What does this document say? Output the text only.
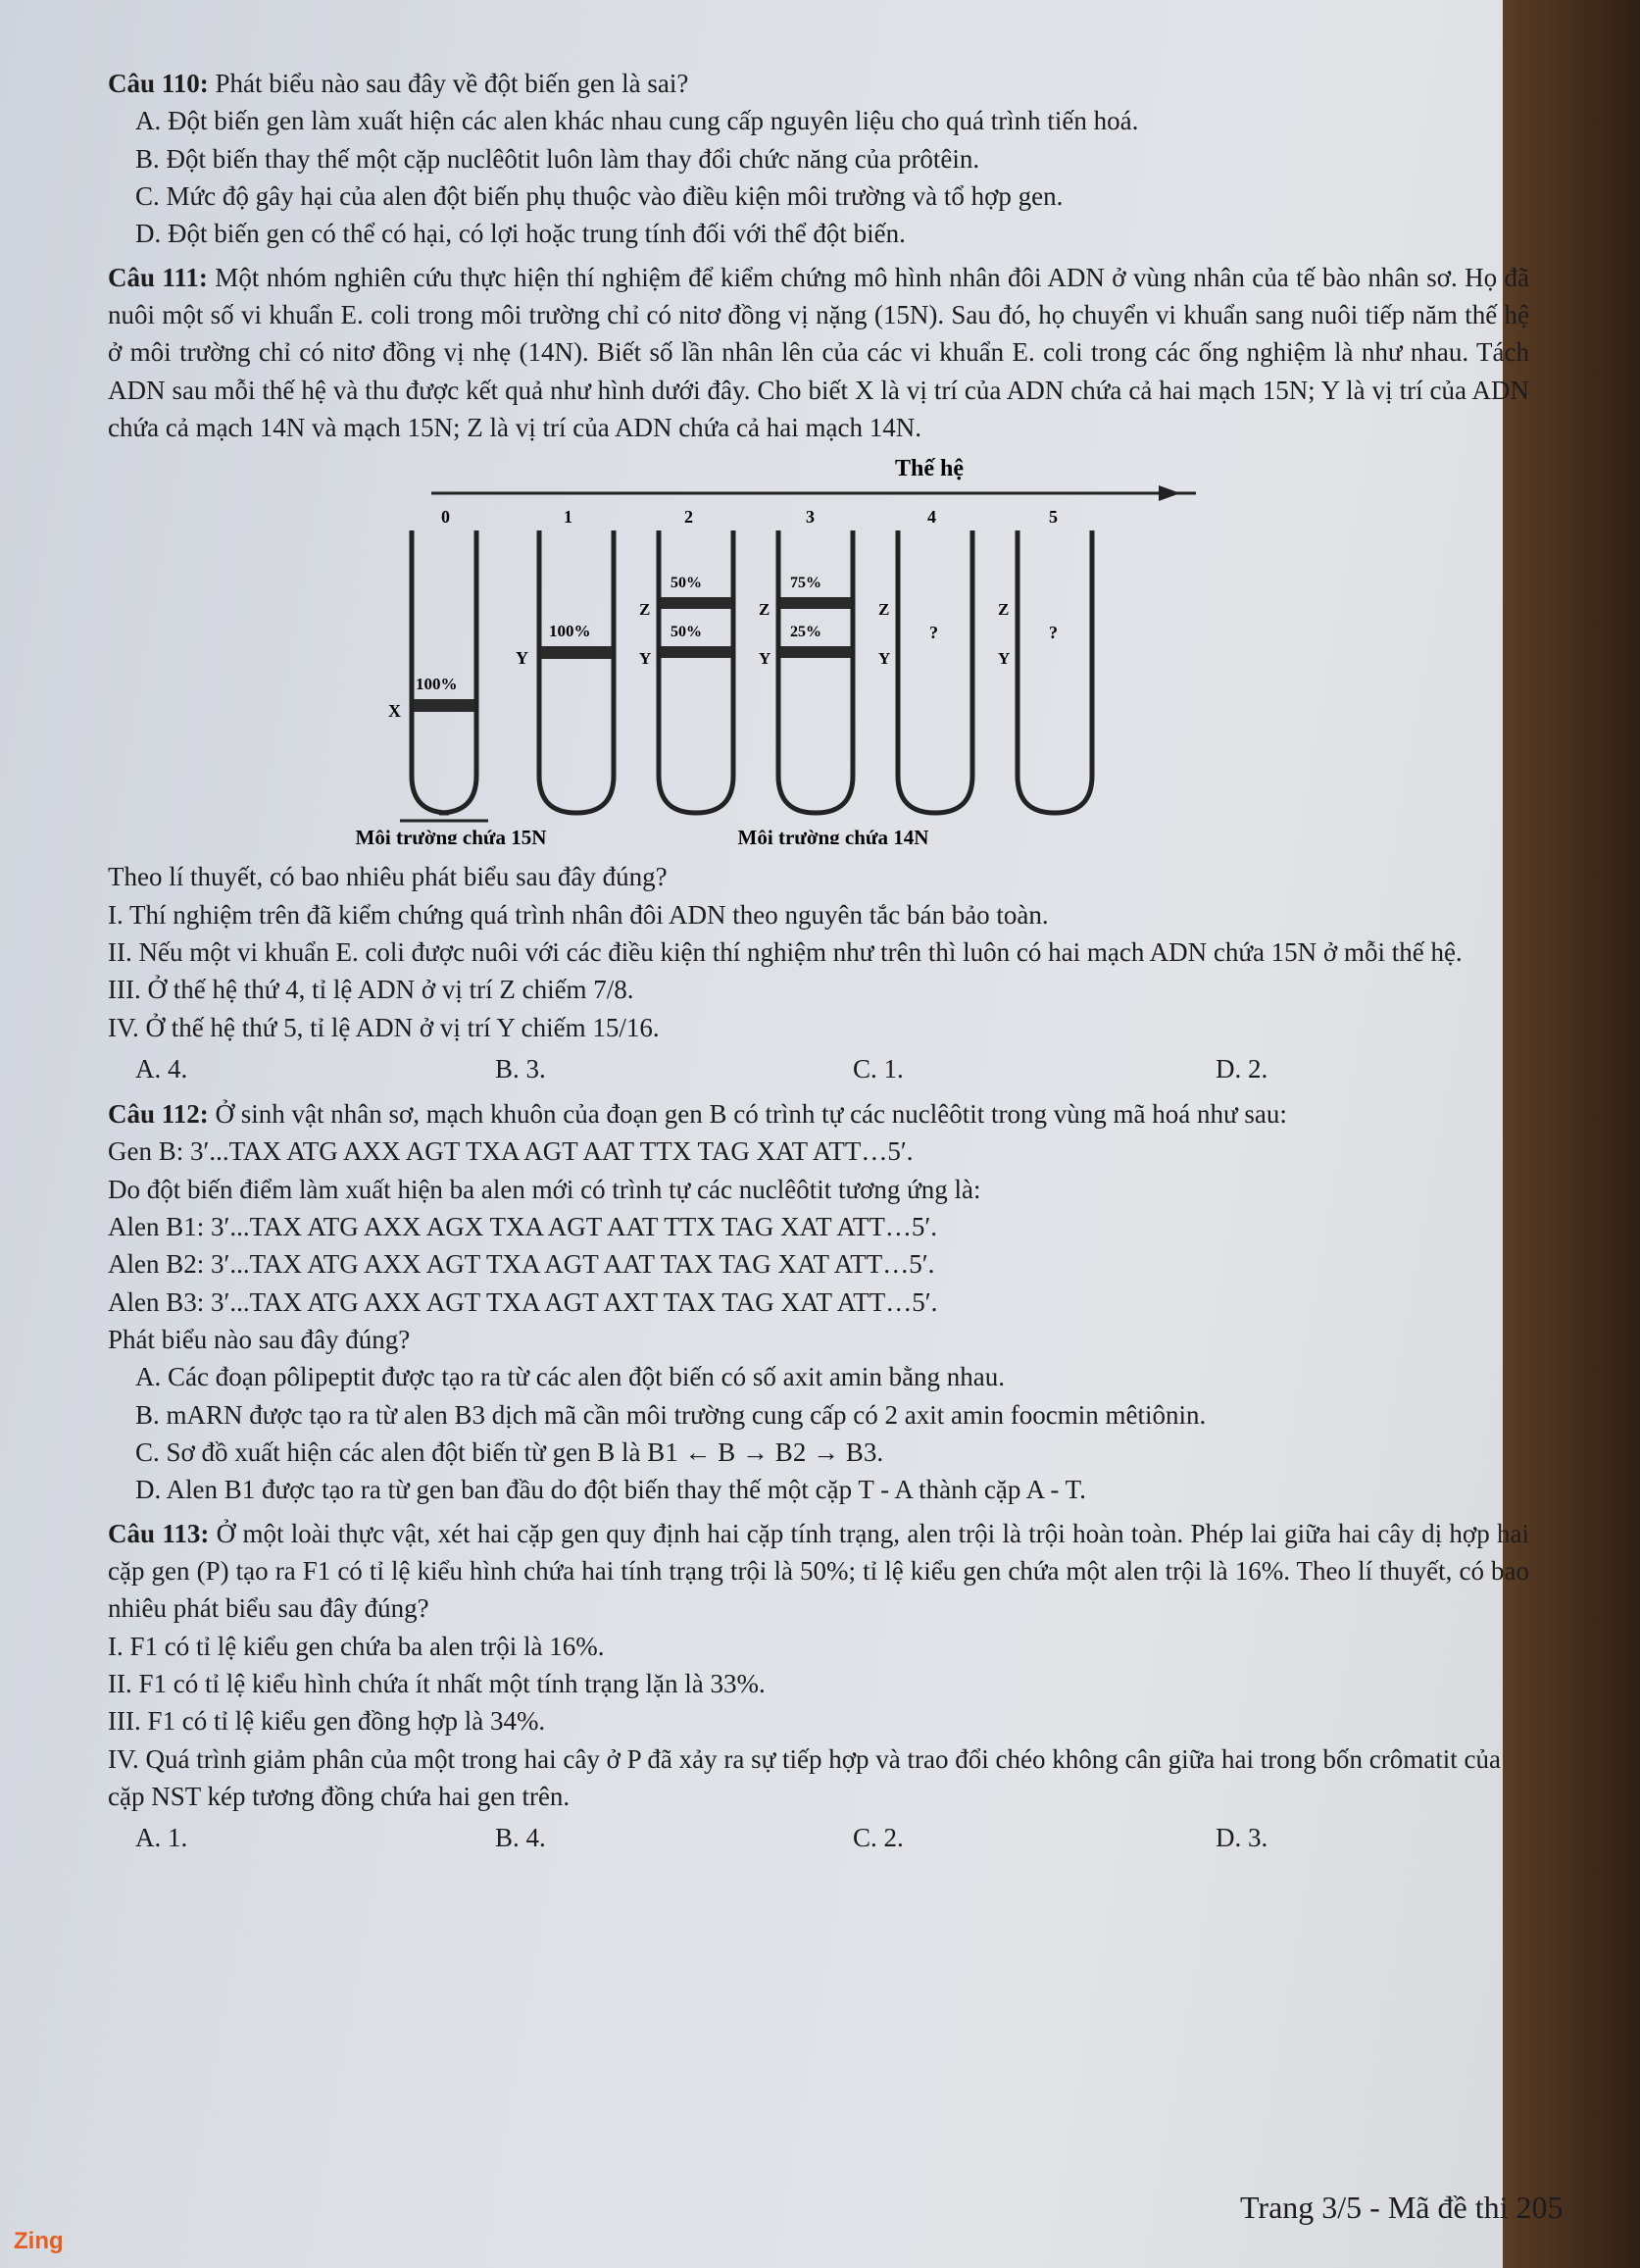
Câu 110: Phát biểu nào sau đây về đột biến gen là sai?

A. Đột biến gen làm xuất hiện các alen khác nhau cung cấp nguyên liệu cho quá trình tiến hoá.

B. Đột biến thay thế một cặp nuclêôtit luôn làm thay đổi chức năng của prôtêin.

C. Mức độ gây hại của alen đột biến phụ thuộc vào điều kiện môi trường và tổ hợp gen.

D. Đột biến gen có thể có hại, có lợi hoặc trung tính đối với thể đột biến.

Câu 111: Một nhóm nghiên cứu thực hiện thí nghiệm để kiểm chứng mô hình nhân đôi ADN ở vùng nhân của tế bào nhân sơ. Họ đã nuôi một số vi khuẩn E. coli trong môi trường chỉ có nitơ đồng vị nặng (15N). Sau đó, họ chuyển vi khuẩn sang nuôi tiếp năm thế hệ ở môi trường chỉ có nitơ đồng vị nhẹ (14N). Biết số lần nhân lên của các vi khuẩn E. coli trong các ống nghiệm là như nhau. Tách ADN sau mỗi thế hệ và thu được kết quả như hình dưới đây. Cho biết X là vị trí của ADN chứa cả hai mạch 15N; Y là vị trí của ADN chứa cả mạch 14N và mạch 15N; Z là vị trí của ADN chứa cả hai mạch 14N.

Thế hệ
0	1	2	3	4	5
100%
X
100%
Y
50%
50%
Z
Y
75%
25%
Z
Y
Z
Y
?
Z
Y
?
Môi trường chứa 15N	Môi trường chứa 14N

Theo lí thuyết, có bao nhiêu phát biểu sau đây đúng?

I. Thí nghiệm trên đã kiểm chứng quá trình nhân đôi ADN theo nguyên tắc bán bảo toàn.

II. Nếu một vi khuẩn E. coli được nuôi với các điều kiện thí nghiệm như trên thì luôn có hai mạch ADN chứa 15N ở mỗi thế hệ.

III. Ở thế hệ thứ 4, tỉ lệ ADN ở vị trí Z chiếm 7/8.

IV. Ở thế hệ thứ 5, tỉ lệ ADN ở vị trí Y chiếm 15/16.

A. 4.	B. 3.	C. 1.	D. 2.

Câu 112: Ở sinh vật nhân sơ, mạch khuôn của đoạn gen B có trình tự các nuclêôtit trong vùng mã hoá như sau:

Gen B: 3′...TAX ATG AXX AGT TXA AGT AAT TTX TAG XAT ATT…5′.

Do đột biến điểm làm xuất hiện ba alen mới có trình tự các nuclêôtit tương ứng là:

Alen B1: 3′...TAX ATG AXX AGX TXA AGT AAT TTX TAG XAT ATT…5′.

Alen B2: 3′...TAX ATG AXX AGT TXA AGT AAT TAX TAG XAT ATT…5′.

Alen B3: 3′...TAX ATG AXX AGT TXA AGT AXT TAX TAG XAT ATT…5′.

Phát biểu nào sau đây đúng?

A. Các đoạn pôlipeptit được tạo ra từ các alen đột biến có số axit amin bằng nhau.

B. mARN được tạo ra từ alen B3 dịch mã cần môi trường cung cấp có 2 axit amin foocmin mêtiônin.

C. Sơ đồ xuất hiện các alen đột biến từ gen B là B1 ← B → B2 → B3.

D. Alen B1 được tạo ra từ gen ban đầu do đột biến thay thế một cặp T - A thành cặp A - T.

Câu 113: Ở một loài thực vật, xét hai cặp gen quy định hai cặp tính trạng, alen trội là trội hoàn toàn. Phép lai giữa hai cây dị hợp hai cặp gen (P) tạo ra F1 có tỉ lệ kiểu hình chứa hai tính trạng trội là 50%; tỉ lệ kiểu gen chứa một alen trội là 16%. Theo lí thuyết, có bao nhiêu phát biểu sau đây đúng?

I. F1 có tỉ lệ kiểu gen chứa ba alen trội là 16%.

II. F1 có tỉ lệ kiểu hình chứa ít nhất một tính trạng lặn là 33%.

III. F1 có tỉ lệ kiểu gen đồng hợp là 34%.

IV. Quá trình giảm phân của một trong hai cây ở P đã xảy ra sự tiếp hợp và trao đổi chéo không cân giữa hai trong bốn crômatit của cặp NST kép tương đồng chứa hai gen trên.

A. 1.	B. 4.	C. 2.	D. 3.
Trang 3/5 - Mã đề thi 205
Zing
